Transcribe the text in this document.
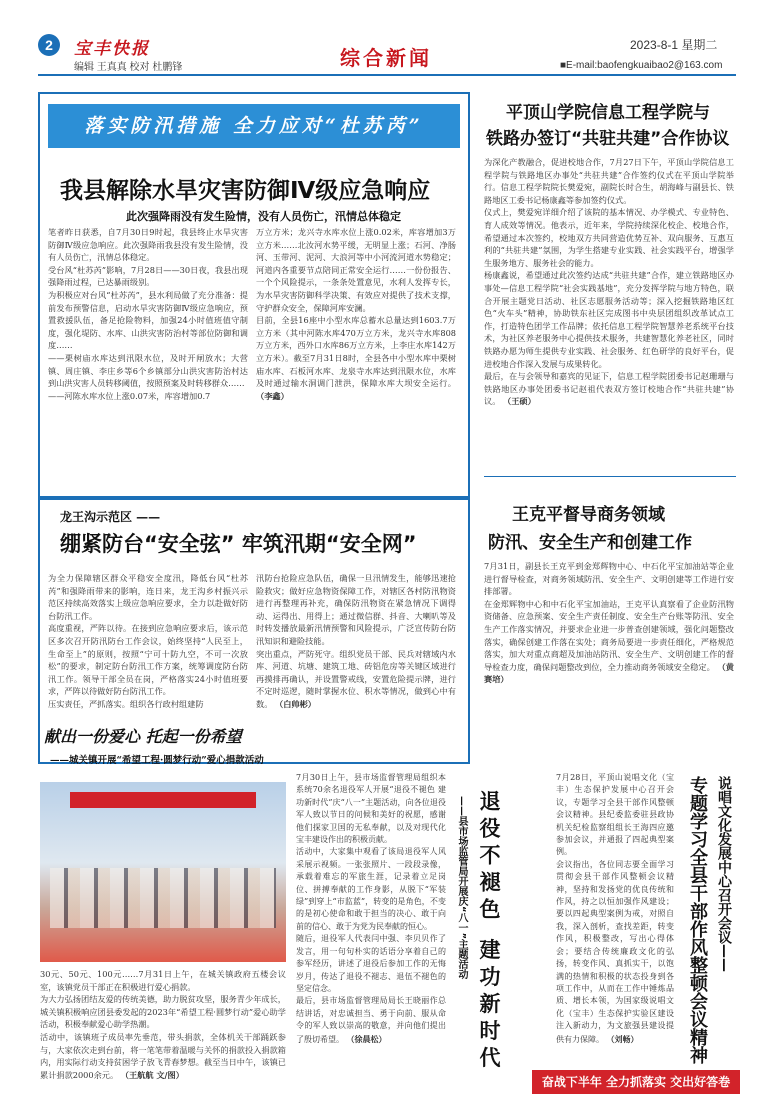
2	宝丰快报
编辑 王真真 校对 杜鹏锋	综合新闻
2023-8-1 星期二
■E-mail:baofengkuaibao2@163.com
落实防汛措施 全力应对“杜苏芮”
我县解除水旱灾害防御Ⅳ级应急响应
此次强降雨没有发生险情，没有人员伤亡，汛情总体稳定
笔者昨日获悉，自7月30日9时起，我县终止水旱灾害防御Ⅳ级应急响应。此次强降雨我县没有发生险情，没有人员伤亡，汛情总体稳定。
受台风“杜苏芮”影响，7月28日——30日夜，我县出现强降雨过程，已达暴雨级别。
为积极应对台风“杜苏芮”，县水利局做了充分准备：提前发布预警信息，启动水旱灾害防御Ⅳ级应急响应，预置救援队伍，备足抢险物料，加强24小时值班值守制度，强化堤防、水库、山洪灾害防治村等部位防御和调度……
——栗树庙水库达到汛限水位，及时开闸放水；大营镇、周庄镇、李庄乡等6个乡镇部分山洪灾害防治村达到山洪灾害人员转移阈值，按照预案及时转移群众……
——河陈水库水位上涨0.07米，库容增加0.7
万立方米；龙兴寺水库水位上涨0.02米，库容增加3万立方米……北汝河水势平缓，无明显上涨；石河、净肠河、玉带河、泥河、大浪河等中小河流河道水势稳定；河道内各重要节点陪同正常安全运行……一份份报告、一个个风险提示，一条条处置意见，水利人发挥专长，为水旱灾害防御科学决策、有效应对提供了技术支撑，守护群众安全，保障河库安澜。
目前，全县16座中小型水库总蓄水总量达到1603.7万立方米（其中河陈水库470万立方米，龙兴寺水库808万立方米，西外口水库86万立方米，上李庄水库142万立方米）。截至7月31日8时，全县各中小型水库中栗树庙水库、石板河水库、龙泉寺水库达到汛限水位，水库及时通过输水洞调门泄洪，保障水库大坝安全运行。 （李鑫）
龙王沟示范区 ——
绷紧防台“安全弦” 牢筑汛期“安全网”
为全力保障辖区群众平稳安全度汛，降低台风“杜苏芮”和强降雨带来的影响，连日来，龙王沟乡村振兴示范区持续高效落实上级应急响应要求，全力以赴做好防台防汛工作。
高度重视，严阵以待。在接到应急响应要求后，该示范区多次召开防汛防台工作会议，始终坚持“人民至上，生命至上”的原则，按照“宁可十防九空，不可一次放松”的要求，制定防台防汛工作方案，统筹调度防台防汛工作。领导干部全员在岗，严格落实24小时值班要求，严阵以待做好防台防汛工作。
压实责任，严抓落实。组织各行政村组建防
汛防台抢险应急队伍，确保一旦汛情发生，能够迅速抢险救灾；做好应急物资保障工作，对辖区各村防汛物资进行再整理再补充，确保防汛物资在紧急情况下调得动、运得出、用得上；通过微信群、抖音、大喇叭等及时转发播放最新汛情预警和风险提示，广泛宣传防台防汛知识和避险技能。
突出重点，严防死守。组织党员干部、民兵对辖域内水库、河道、坑塘、建筑工地、砖铝危房等关键区域进行再摸排再确认，并设置警戒线，安置危险提示牌，进行不定时巡逻，随时掌握水位、积水等情况，做到心中有数。 （白帅彬）
平顶山学院信息工程学院与
铁路办签订“共驻共建”合作协议
为深化产教融合，促进校地合作，7月27日下午，平顶山学院信息工程学院与铁路地区办事处“共驻共建”合作签约仪式在平顶山学院举行。信息工程学院院长樊爱宛，副院长时合生，胡海峰与副县长、铁路地区工委书记杨康鑫等参加签约仪式。
仪式上，樊爱宛详细介绍了该院的基本情况、办学模式、专业特色、育人成效等情况。他表示，近年来，学院持续深化校企、校地合作，希望通过本次签约，校地双方共同营造优势互补、双向服务、互惠互利的“共驻共建”氛围，为学生搭建专业实践、社会实践平台，增强学生服务地方、服务社会的能力。
杨康鑫说，希望通过此次签约达成“共驻共建”合作，建立铁路地区办事处—信息工程学院“社会实践基地”，充分发挥学院与地方特色，联合开展主题党日活动、社区志愿服务活动等；深入挖掘铁路地区红色“火车头”精神，协助铁东社区完成图书中央层团组织改革试点工作，打造特色团学工作品牌；依托信息工程学院智慧养老系统平台技术，为社区养老服务中心提供技术服务，共建智慧化养老社区，同时铁路办愿为师生提供专业实践、社会服务、红色研学的良好平台，促进校地合作深入发展与成果转化。
最后，在与会领导和嘉宾的见证下，信息工程学院团委书记赵珊珊与铁路地区办事处团委书记赵祖代表双方签订校地合作“共驻共建”协议。 （王硕）
王克平督导商务领域
防汛、安全生产和创建工作
7月31日，副县长王克平到金郑辉物中心、中石化平宝加油站等企业进行督导检查，对商务领域防汛、安全生产、文明创建等工作进行安排部署。
在金郑辉物中心和中石化平宝加油站，王克平认真察看了企业防汛物资储备、应急预案、安全生产责任制度、安全生产台账等防汛、安全生产工作落实情况，并要求企业进一步普查创建领域，强化问题整改落实，确保创建工作落在实处；商务局要进一步责任细化，严格规范落实，加大对重点商超及加油站防汛、安全生产、文明创建工作的督导检查力度，确保问题整改到位，全力推动商务领域安全稳定。 （黄赛培）
献出一份爱心 托起一份希望
——城关镇开展“希望工程·圆梦行动”爱心捐款活动
30元、50元、100元……7月31日上午，在城关镇政府五楼会议室，该镇党员干部正在积极进行爱心捐款。
为大力弘扬团结友爱的传统美德，助力脱贫攻坚，服务青少年成长，城关镇积极响应团县委发起的2023年“希望工程·圆梦行动”爱心助学活动，积极奉献爱心助学热潮。
活动中，该镇班子成员率先垂范，带头捐款，全体机关干部踊跃参与，大家依次走到台前，将一笔笔带着温暖与关怀的捐款投入捐款箱内，用实际行动支持贫困学子放飞青春梦想。截至当日中午，该镇已累计捐款2000余元。 （王航航 文/图）
7月30日上午，县市场监督管理局组织本系统70余名退役军人开展“退役不褪色 建功新时代”庆“八一”主题活动，向各位退役军人致以节日的问候和美好的祝愿，感谢他们探家卫国的无私奉献，以及对现代化宝丰建设作出的积极贡献。
活动中，大家集中观看了该局退役军人风采展示视频。一张张照片、一段段录像，承载着难忘的军旅生涯，记录着立足岗位、拼搏奉献的工作身影，从脱下“军装绿”到穿上“市监蓝”，转变的是角色，不变的是初心使命和敢于担当的决心、敢于向前的信心、敢于为党为民奉献的恒心。
随后，退役军人代表闫中强、李贝贝作了发言，用一句句朴实的话语分享着自己的参军经历，讲述了退役后参加工作的无悔岁月，传达了退役不褪志、退伍不褪色的坚定信念。
最后，县市场监督管理局局长王晓丽作总结讲话，对忠诚担当、勇于向前、服从命令的军人致以崇高的敬意，并向他们提出了殷切希望。 （徐晨松）	退役不褪色 建功新时代
——县市场监管局开展庆“八一”主题活动
7月28日，平顶山说唱文化（宝丰）生态保护发展中心召开会议，专题学习全县干部作风整顿会议精神。县纪委监委驻县政协机关纪检监察组组长王海四应邀参加会议，并通报了四起典型案例。
会议指出，各位同志要全面学习贯彻会县干部作风整顿会议精神，坚持和发扬党的优良传统和作风，持之以恒加强作风建设；要以四起典型案例为戒，对照自我，深入剖析，查找差距，转变作风，积极整改，写出心得体会；要结合传统廉政文化的弘扬，转变作风、真抓实干，以饱满的热情和积极的状态投身到各项工作中，从而在工作中锤炼品质、增长本领，为国家级说唱文化（宝丰）生态保护实验区建设注入新动力，为文旅强县建设提供有力保障。 （刘畅）
说唱文化发展中心召开会议——
专题学习全县干部作风整顿会议精神
奋战下半年 全力抓落实 交出好答卷
